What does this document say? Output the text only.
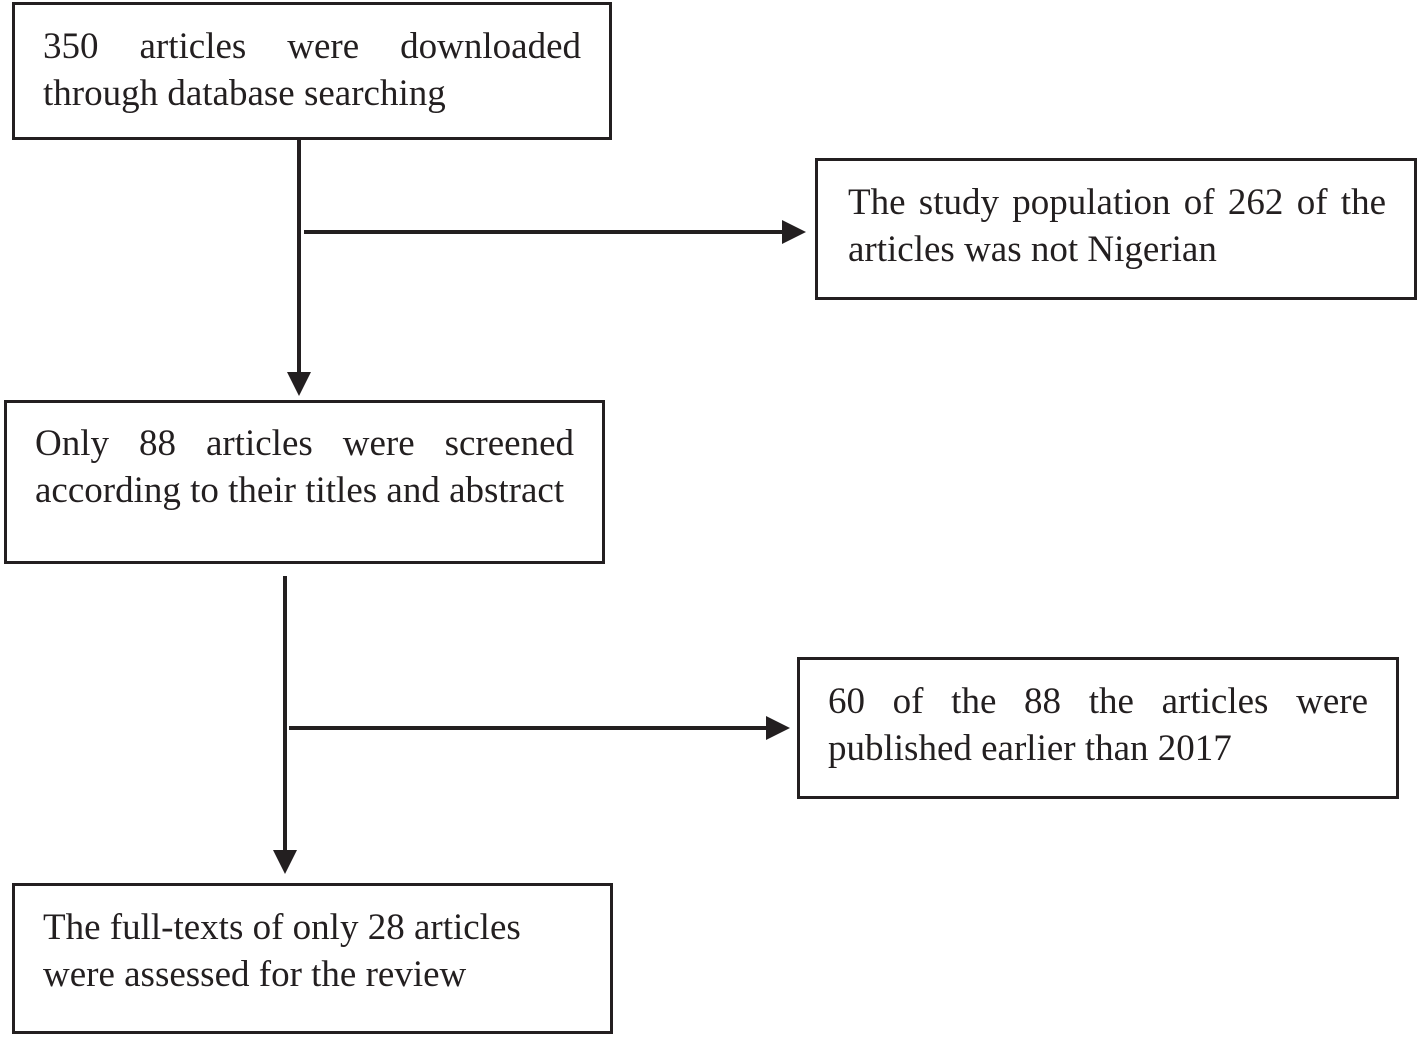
350 articles were downloaded through database searching

The study population of 262 of the articles was not Nigerian

Only 88 articles were screened according to their titles and abstract

60 of the 88 the articles were published earlier than 2017

The full-texts of only 28 articles were assessed for the review
